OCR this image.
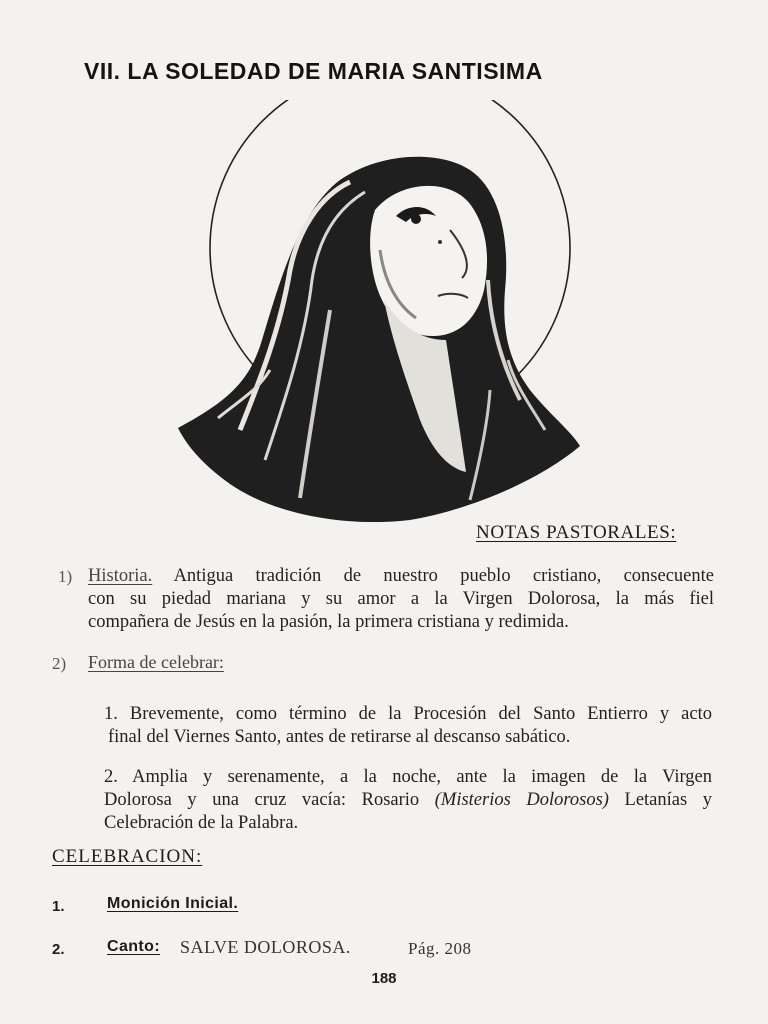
VII. LA SOLEDAD DE MARIA SANTISIMA
NOTAS PASTORALES:
1) Historia. Antigua tradición de nuestro pueblo cristiano, consecuente
con su piedad mariana y su amor a la Virgen Dolorosa, la más fiel
compañera de Jesús en la pasión, la primera cristiana y redimida.
2) Forma de celebrar:
1. Brevemente, como término de la Procesión del Santo Entierro y acto
final del Viernes Santo, antes de retirarse al descanso sabático.
2. Amplia y serenamente, a la noche, ante la imagen de la Virgen
Dolorosa y una cruz vacía: Rosario (Misterios Dolorosos) Letanías y
Celebración de la Palabra.
CELEBRACION:
1.	Monición Inicial.
2.	Canto: SALVE DOLOROSA.	Pág. 208
188
